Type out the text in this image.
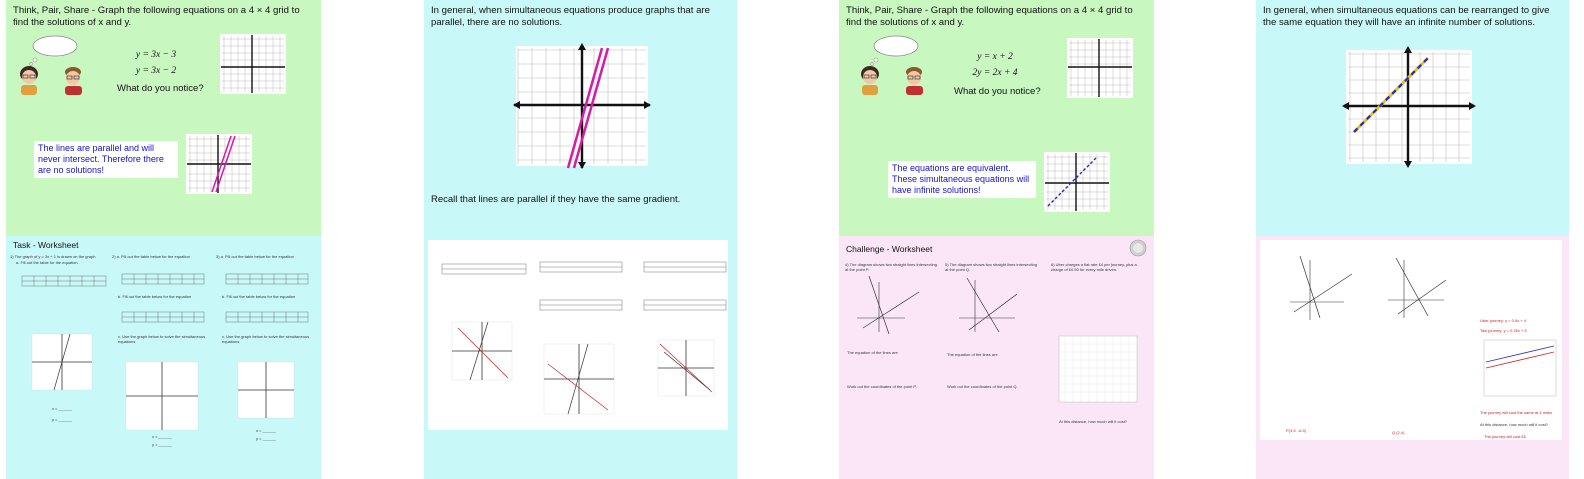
Think, Pair, Share - Graph the following equations on a 4 × 4 grid to find the solutions of x and y.
y = 3x − 3
y = 3x − 2
What do you notice?
The lines are parallel and will never intersect. Therefore there are no solutions!
In general, when simultaneous equations produce graphs that are parallel, there are no solutions.
Recall that lines are parallel if they have the same gradient.
Think, Pair, Share - Graph the following equations on a 4 × 4 grid to find the solutions of x and y.
y = x + 2
2y = 2x + 4
What do you notice?
The equations are equivalent. These simultaneous equations will have infinite solutions!
In general, when simultaneous equations can be rearranged to give the same equation they will have an infinite number of solutions.
Task - Worksheet
1) The graph of y = 3x + 1 is drawn on the graph
a. Fill out the table for the equation
2) a. Fill out the table below for the equation	3) a. Fill out the table below for the equation
b. Fill out the table below for the equation	b. Fill out the table below for the equation
c. Use the graph below to solve the simultaneous equations
c. Use the graph below to solve the simultaneous equations
x = ______
y = ______
x = ______
y = ______
x = ______
y = ______
Challenge - Worksheet
4) The diagram shows two straight lines intersecting at the point P.
5) The diagram shows two straight lines intersecting at the point Q.
6) Uber charges a flat rate £4 per journey, plus a charge of £0.50 for every mile driven.
The equation of the lines are	The equation of the lines are
Work out the coordinates of the point P.	Work out the coordinates of the point Q.
At this distance, how much will it cost?
Uber journey: y = 0.5x + 4
Taxi journey: y = 0.25x + 5
P(3.5, -6.5)	Q (2,4)
The journey will cost the same at 4 miles
At this distance, how much will it cost?
The journey will cost £6
